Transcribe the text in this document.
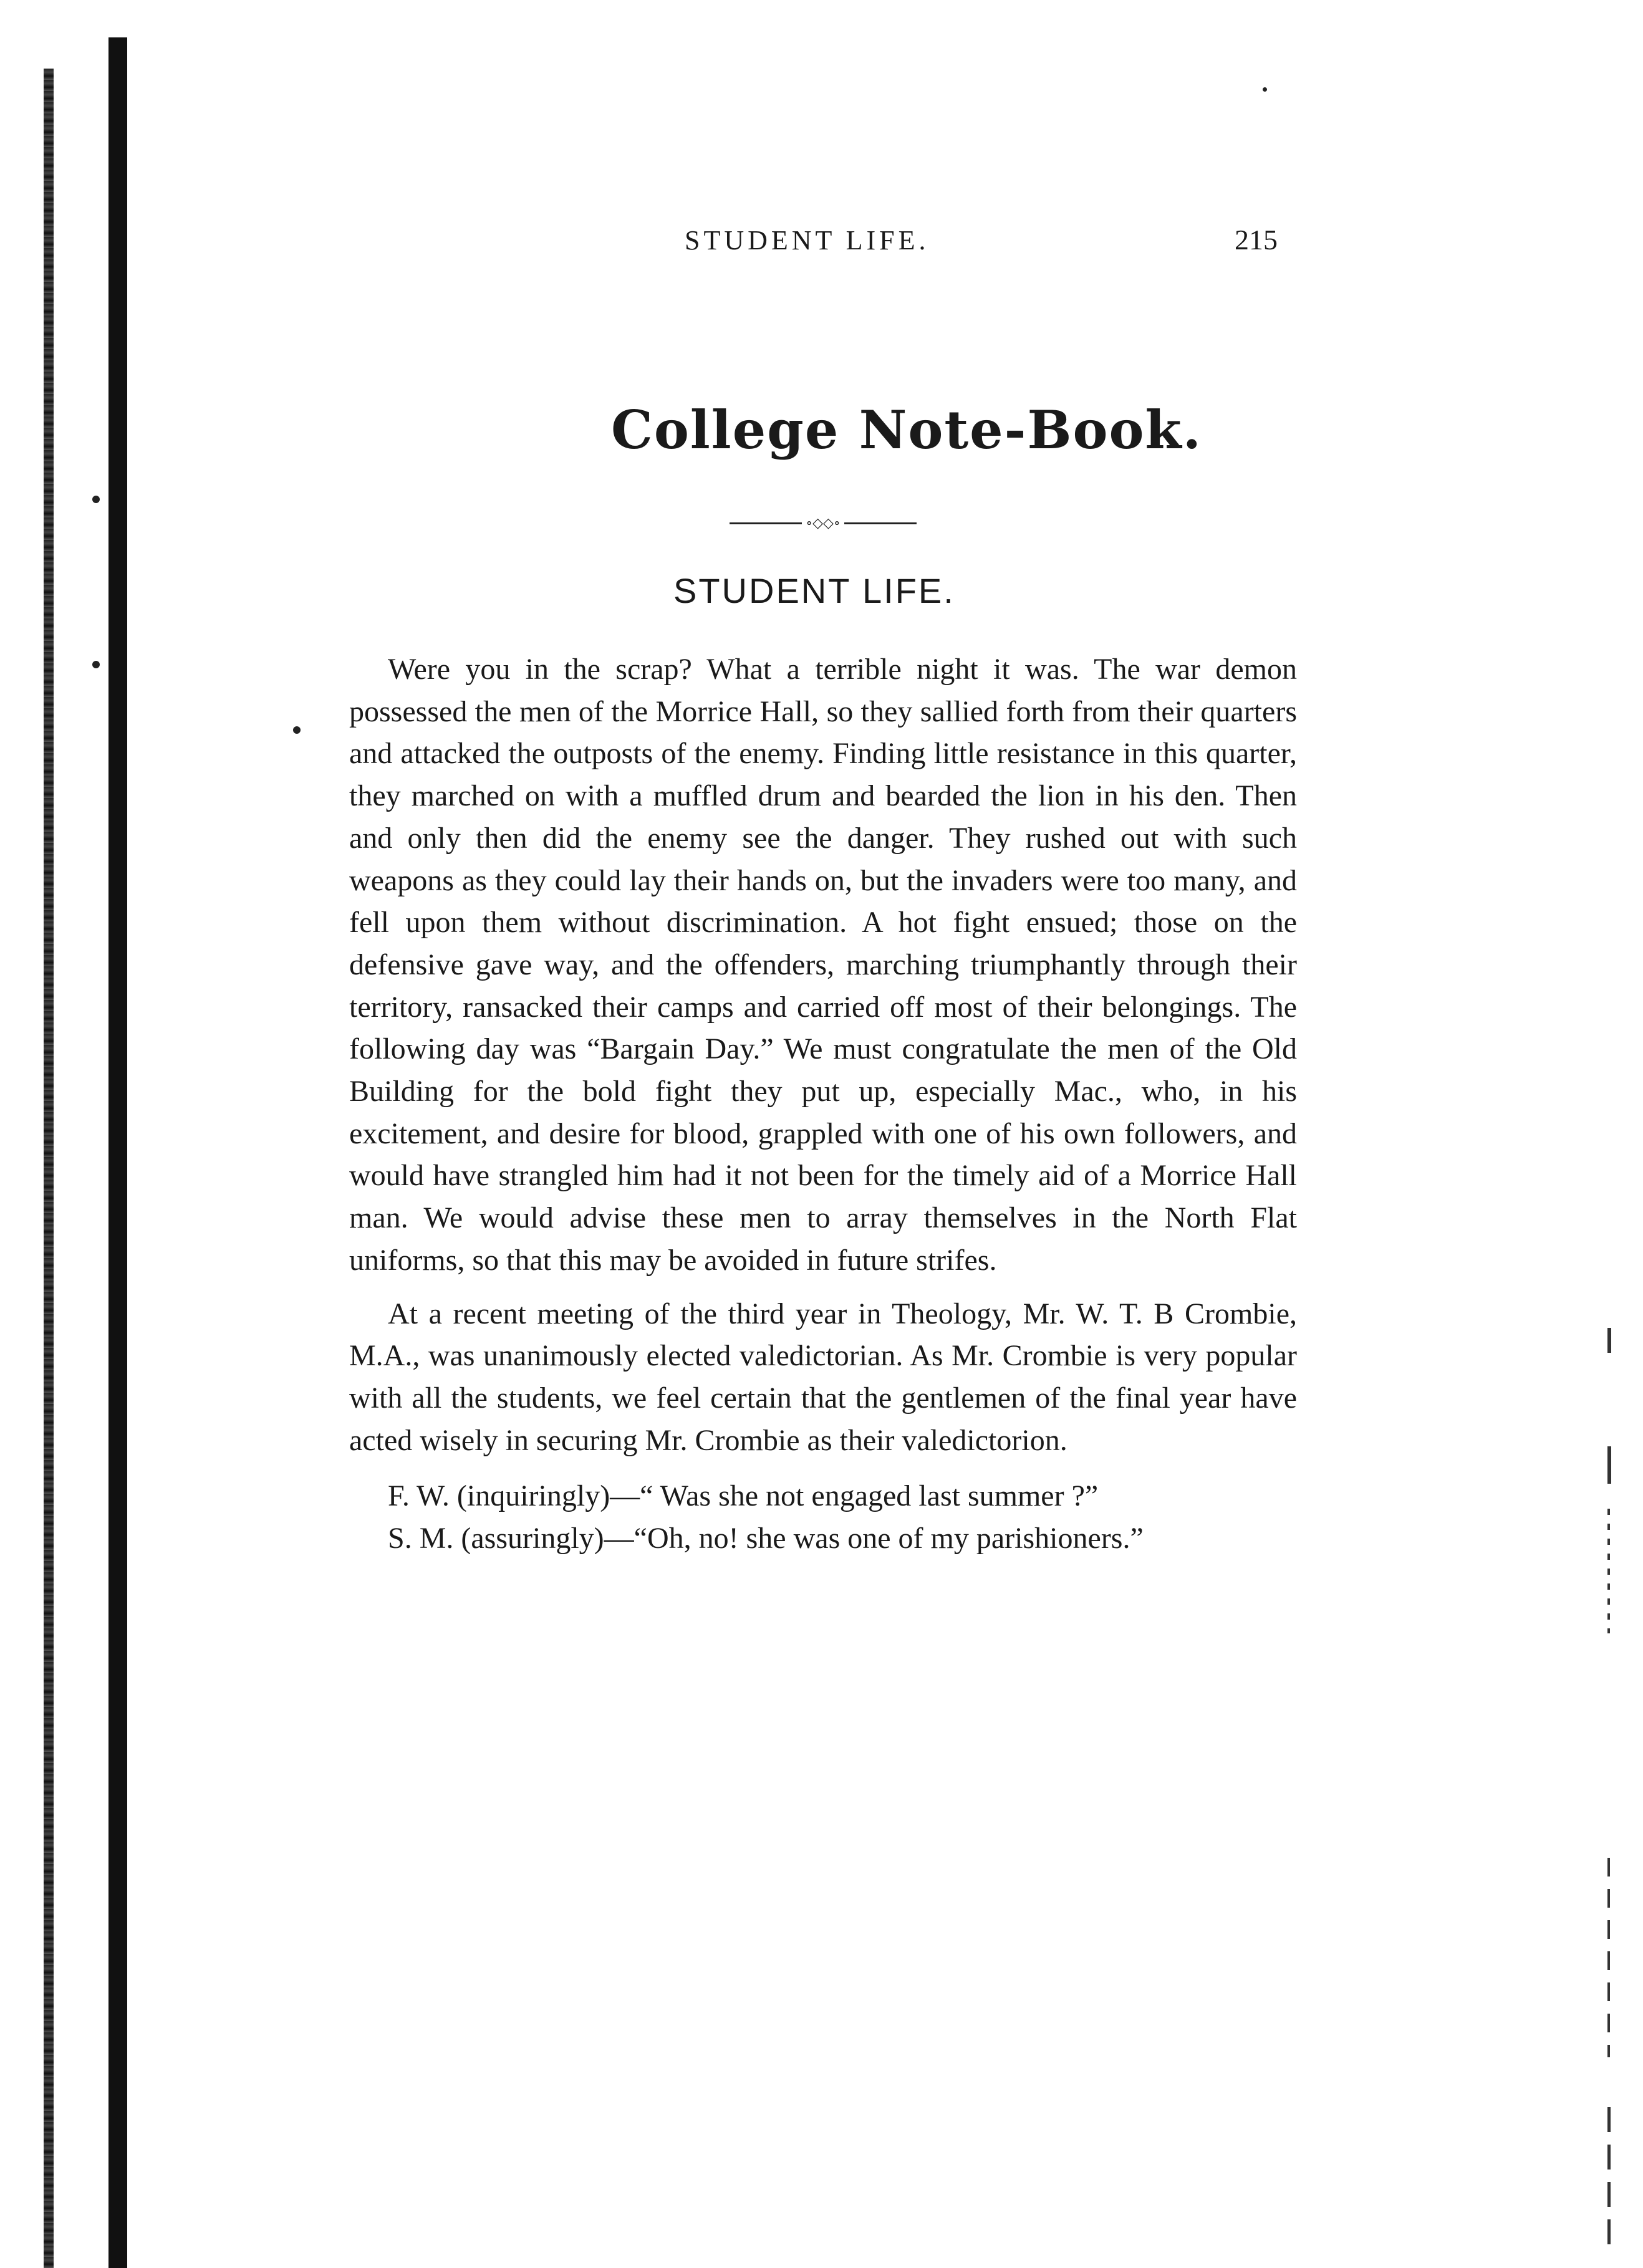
STUDENT LIFE.	215
College Note-Book.
∘◇◇∘
STUDENT LIFE.

Were you in the scrap? What a terrible night it was. The war demon possessed the men of the Morrice Hall, so they sallied forth from their quarters and attacked the outposts of the enemy. Finding little resistance in this quarter, they marched on with a muffled drum and bearded the lion in his den. Then and only then did the enemy see the danger. They rushed out with such weapons as they could lay their hands on, but the invaders were too many, and fell upon them without discrimination. A hot fight ensued; those on the defensive gave way, and the offenders, marching triumphantly through their territory, ransacked their camps and carried off most of their belongings. The following day was “Bargain Day.” We must congratulate the men of the Old Building for the bold fight they put up, especially Mac., who, in his excitement, and desire for blood, grappled with one of his own followers, and would have strangled him had it not been for the timely aid of a Morrice Hall man. We would advise these men to array themselves in the North Flat uniforms, so that this may be avoided in future strifes.

At a recent meeting of the third year in Theology, Mr. W. T. B Crombie, M.A., was unanimously elected valedictorian. As Mr. Crombie is very popular with all the students, we feel certain that the gentlemen of the final year have acted wisely in securing Mr. Crombie as their valedictorion.

F. W. (inquiringly)—“ Was she not engaged last summer ?”

S. M. (assuringly)—“Oh, no! she was one of my parishioners.”
